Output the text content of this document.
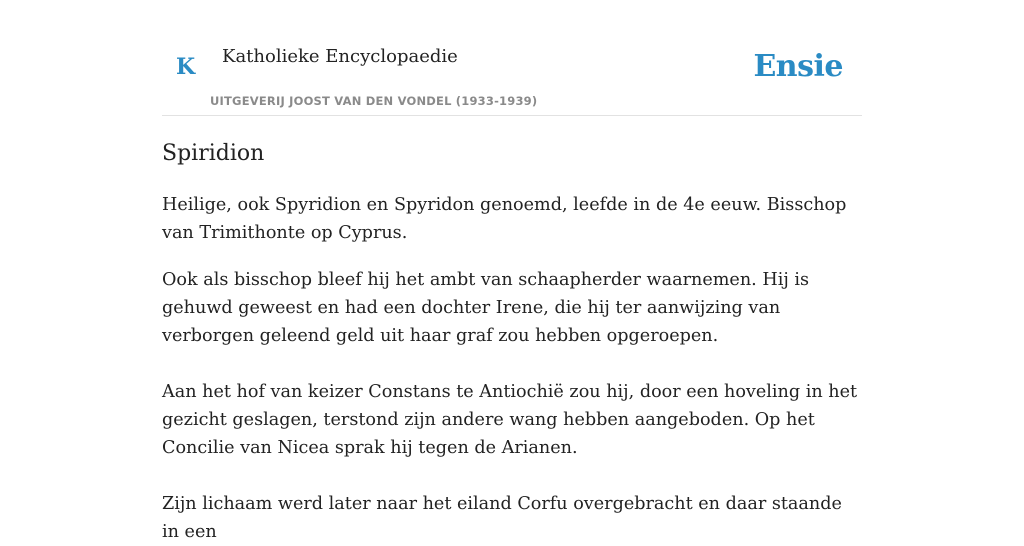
K Katholieke Encyclopaedie
UITGEVERIJ JOOST VAN DEN VONDEL (1933-1939)
Ensie
Spiridion

Heilige, ook Spyridion en Spyridon genoemd, leefde in de 4e eeuw. Bisschop van Trimithonte op Cyprus.

Ook als bisschop bleef hij het ambt van schaapherder waarnemen. Hij is gehuwd geweest en had een dochter Irene, die hij ter aanwijzing van verborgen geleend geld uit haar graf zou hebben opgeroepen.

Aan het hof van keizer Constans te Antiochië zou hij, door een hoveling in het gezicht geslagen, terstond zijn andere wang hebben aangeboden. Op het Concilie van Nicea sprak hij tegen de Arianen.

Zijn lichaam werd later naar het eiland Corfu overgebracht en daar staande in een
